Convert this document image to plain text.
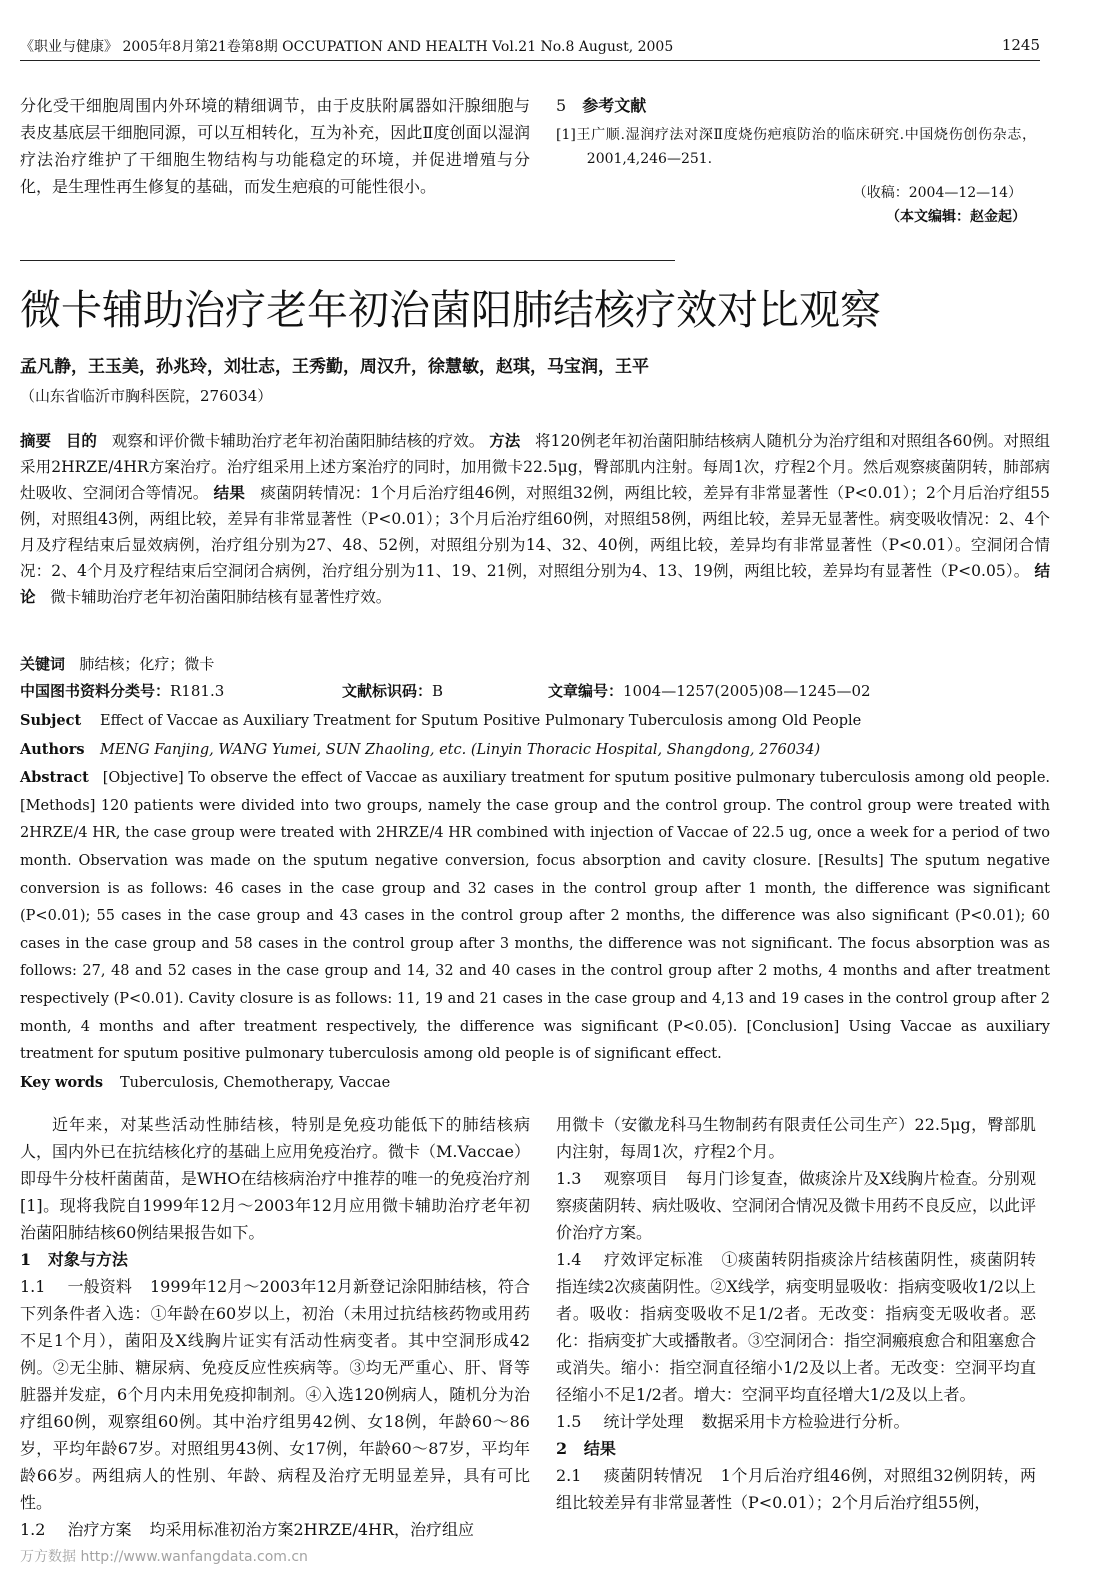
《职业与健康》 2005年8月第21卷第8期 OCCUPATION AND HEALTH Vol.21 No.8 August, 2005	1245

分化受干细胞周围内外环境的精细调节，由于皮肤附属器如汗腺细胞与表皮基底层干细胞同源，可以互相转化，互为补充，因此Ⅱ度创面以湿润疗法治疗维护了干细胞生物结构与功能稳定的环境，并促进增殖与分化，是生理性再生修复的基础，而发生疤痕的可能性很小。

5 参考文献
[1]王广顺.湿润疗法对深Ⅱ度烧伤疤痕防治的临床研究.中国烧伤创伤杂志，2001,4,246—251.
（收稿：2004—12—14）
（本文编辑：赵金起）
微卡辅助治疗老年初治菌阳肺结核疗效对比观察
孟凡静，王玉美，孙兆玲，刘壮志，王秀勤，周汉升，徐慧敏，赵琪，马宝润，王平
（山东省临沂市胸科医院，276034）

摘要 目的 观察和评价微卡辅助治疗老年初治菌阳肺结核的疗效。 方法 将120例老年初治菌阳肺结核病人随机分为治疗组和对照组各60例。对照组采用2HRZE/4HR方案治疗。治疗组采用上述方案治疗的同时，加用微卡22.5μg，臀部肌内注射。每周1次，疗程2个月。然后观察痰菌阴转，肺部病灶吸收、空洞闭合等情况。 结果 痰菌阴转情况：1个月后治疗组46例，对照组32例，两组比较，差异有非常显著性（P<0.01）；2个月后治疗组55例，对照组43例，两组比较，差异有非常显著性（P<0.01）；3个月后治疗组60例，对照组58例，两组比较，差异无显著性。病变吸收情况：2、4个月及疗程结束后显效病例，治疗组分别为27、48、52例，对照组分别为14、32、40例，两组比较，差异均有非常显著性（P<0.01）。空洞闭合情况：2、4个月及疗程结束后空洞闭合病例，治疗组分别为11、19、21例，对照组分别为4、13、19例，两组比较，差异均有显著性（P<0.05）。 结论 微卡辅助治疗老年初治菌阳肺结核有显著性疗效。

关键词 肺结核；化疗；微卡
中国图书资料分类号：R181.3	文献标识码：B	文章编号：1004—1257(2005)08—1245—02

Subject Effect of Vaccae as Auxiliary Treatment for Sputum Positive Pulmonary Tuberculosis among Old People

Authors MENG Fanjing, WANG Yumei, SUN Zhaoling, etc. (Linyin Thoracic Hospital, Shangdong, 276034)

Abstract [Objective] To observe the effect of Vaccae as auxiliary treatment for sputum positive pulmonary tuberculosis among old people. [Methods] 120 patients were divided into two groups, namely the case group and the control group. The control group were treated with 2HRZE/4 HR, the case group were treated with 2HRZE/4 HR combined with injection of Vaccae of 22.5 ug, once a week for a period of two month. Observation was made on the sputum negative conversion, focus absorption and cavity closure. [Results] The sputum negative conversion is as follows: 46 cases in the case group and 32 cases in the control group after 1 month, the difference was significant (P<0.01); 55 cases in the case group and 43 cases in the control group after 2 months, the difference was also significant (P<0.01); 60 cases in the case group and 58 cases in the control group after 3 months, the difference was not significant. The focus absorption was as follows: 27, 48 and 52 cases in the case group and 14, 32 and 40 cases in the control group after 2 moths, 4 months and after treatment respectively (P<0.01). Cavity closure is as follows: 11, 19 and 21 cases in the case group and 4,13 and 19 cases in the control group after 2 month, 4 months and after treatment respectively, the difference was significant (P<0.05). [Conclusion] Using Vaccae as auxiliary treatment for sputum positive pulmonary tuberculosis among old people is of significant effect.

Key words Tuberculosis, Chemotherapy, Vaccae

近年来，对某些活动性肺结核，特别是免疫功能低下的肺结核病人，国内外已在抗结核化疗的基础上应用免疫治疗。微卡（M.Vaccae）即母牛分枝杆菌菌苗，是WHO在结核病治疗中推荐的唯一的免疫治疗剂[1]。现将我院自1999年12月～2003年12月应用微卡辅助治疗老年初治菌阳肺结核60例结果报告如下。

1 对象与方法

1.1 一般资料 1999年12月～2003年12月新登记涂阳肺结核，符合下列条件者入选：①年龄在60岁以上，初治（未用过抗结核药物或用药不足1个月），菌阳及X线胸片证实有活动性病变者。其中空洞形成42例。②无尘肺、糖尿病、免疫反应性疾病等。③均无严重心、肝、肾等脏器并发症，6个月内未用免疫抑制剂。④入选120例病人，随机分为治疗组60例，观察组60例。其中治疗组男42例、女18例，年龄60～86岁，平均年龄67岁。对照组男43例、女17例，年龄60～87岁，平均年龄66岁。两组病人的性别、年龄、病程及治疗无明显差异，具有可比性。

1.2 治疗方案 均采用标准初治方案2HRZE/4HR，治疗组应

用微卡（安徽龙科马生物制药有限责任公司生产）22.5μg，臀部肌内注射，每周1次，疗程2个月。

1.3 观察项目 每月门诊复查，做痰涂片及X线胸片检查。分别观察痰菌阴转、病灶吸收、空洞闭合情况及微卡用药不良反应，以此评价治疗方案。

1.4 疗效评定标准 ①痰菌转阴指痰涂片结核菌阴性，痰菌阴转指连续2次痰菌阴性。②X线学，病变明显吸收：指病变吸收1/2以上者。吸收：指病变吸收不足1/2者。无改变：指病变无吸收者。恶化：指病变扩大或播散者。③空洞闭合：指空洞瘢痕愈合和阻塞愈合或消失。缩小：指空洞直径缩小1/2及以上者。无改变：空洞平均直径缩小不足1/2者。增大：空洞平均直径增大1/2及以上者。

1.5 统计学处理 数据采用卡方检验进行分析。

2 结果

2.1 痰菌阴转情况 1个月后治疗组46例，对照组32例阴转，两组比较差异有非常显著性（P<0.01）；2个月后治疗组55例，

万方数据 http://www.wanfangdata.com.cn
